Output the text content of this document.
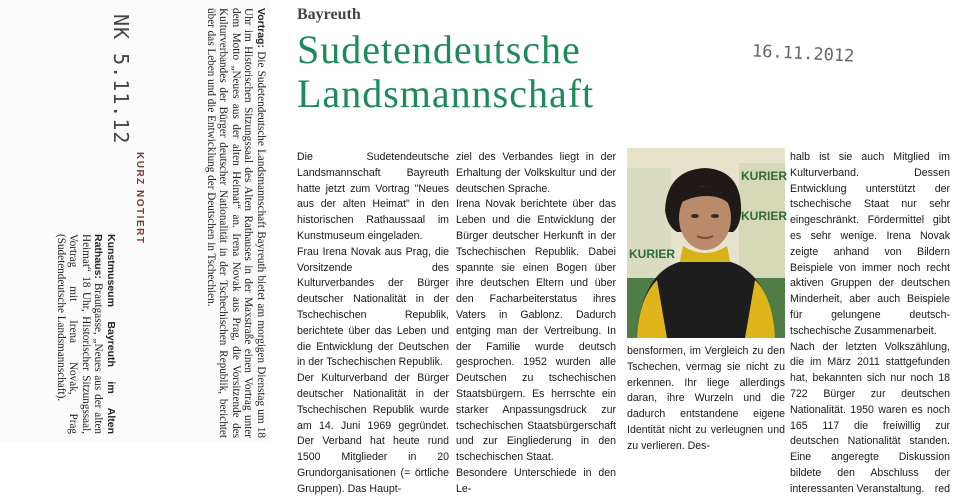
Vortrag: Die Sudetendeutsche Landsmannschaft Bayreuth bietet am morgigen Dienstag um 18 Uhr im Historischen Sitzungssaal des Alten Rathauses in der Maxstraße einen Vortrag unter dem Motto „Neues aus der alten Heimat“ an. Irena Novak aus Prag, die Vorsitzende des Kulturverbandes der Bürger deutscher Nationalität in der Tschechischen Republik, berichtet über das Leben und die Entwicklung der Deutschen in Tschechien.

KURZ NOTIERT
NK 5.11.12

Kunstmuseum Bayreuth im Alten Rathaus: Brautgasse, „Neues aus der alten Heimat“ 18 Uhr, Historischer Sitzungssaal, Vortrag mit Irena Novak, Prag (Sudetendeutsche Landsmannschaft).

Bayreuth
Sudetendeutsche
Landsmannschaft
16.11.2012

Die Sudetendeutsche Landsmannschaft Bayreuth hatte jetzt zum Vortrag "Neues aus der alten Heimat" in den historischen Rathaussaal im Kunstmuseum eingeladen.

Frau Irena Novak aus Prag, die Vorsitzende des Kulturverbandes der Bürger deutscher Nationalität in der Tschechischen Republik, berichtete über das Leben und die Entwicklung der Deutschen in der Tschechischen Republik.

Der Kulturverband der Bürger deutscher Nationalität in der Tschechischen Republik wurde am 14. Juni 1969 gegründet. Der Verband hat heute rund 1500 Mitglieder in 20 Grundorganisationen (= örtliche Gruppen). Das Haupt-

ziel des Verbandes liegt in der Erhaltung der Volkskultur und der deutschen Sprache.

Irena Novak berichtete über das Leben und die Entwicklung der Bürger deutscher Herkunft in der Tschechischen Republik. Dabei spannte sie einen Bogen über ihre deutschen Eltern und über den Facharbeiterstatus ihres Vaters in Gablonz. Dadurch entging man der Vertreibung. In der Familie wurde deutsch gesprochen. 1952 wurden alle Deutschen zu tschechischen Staatsbürgern. Es herrschte ein starker Anpassungsdruck zur tschechischen Staatsbürgerschaft und zur Eingliederung in den tschechischen Staat.

Besondere Unterschiede in den Le-

KURIER
KURIER
KURIER

bensformen, im Vergleich zu den Tschechen, vermag sie nicht zu erkennen. Ihr liege allerdings daran, ihre Wurzeln und die dadurch entstandene eigene Identität nicht zu verleugnen und zu verlieren. Des-

halb ist sie auch Mitglied im Kulturverband. Dessen Entwicklung unterstützt der tschechische Staat nur sehr eingeschränkt. Fördermittel gibt es sehr wenige. Irena Novak zeigte anhand von Bildern Beispiele von immer noch recht aktiven Gruppen der deutschen Minderheit, aber auch Beispiele für gelungene deutsch-tschechische Zusammenarbeit.

Nach der letzten Volkszählung, die im März 2011 stattgefunden hat, bekannten sich nur noch 18 722 Bürger zur deutschen Nationalität. 1950 waren es noch 165 117 die freiwillig zur deutschen Nationalität standen. Eine angeregte Diskussion bildete den Abschluss der interessanten Veranstaltung. red
